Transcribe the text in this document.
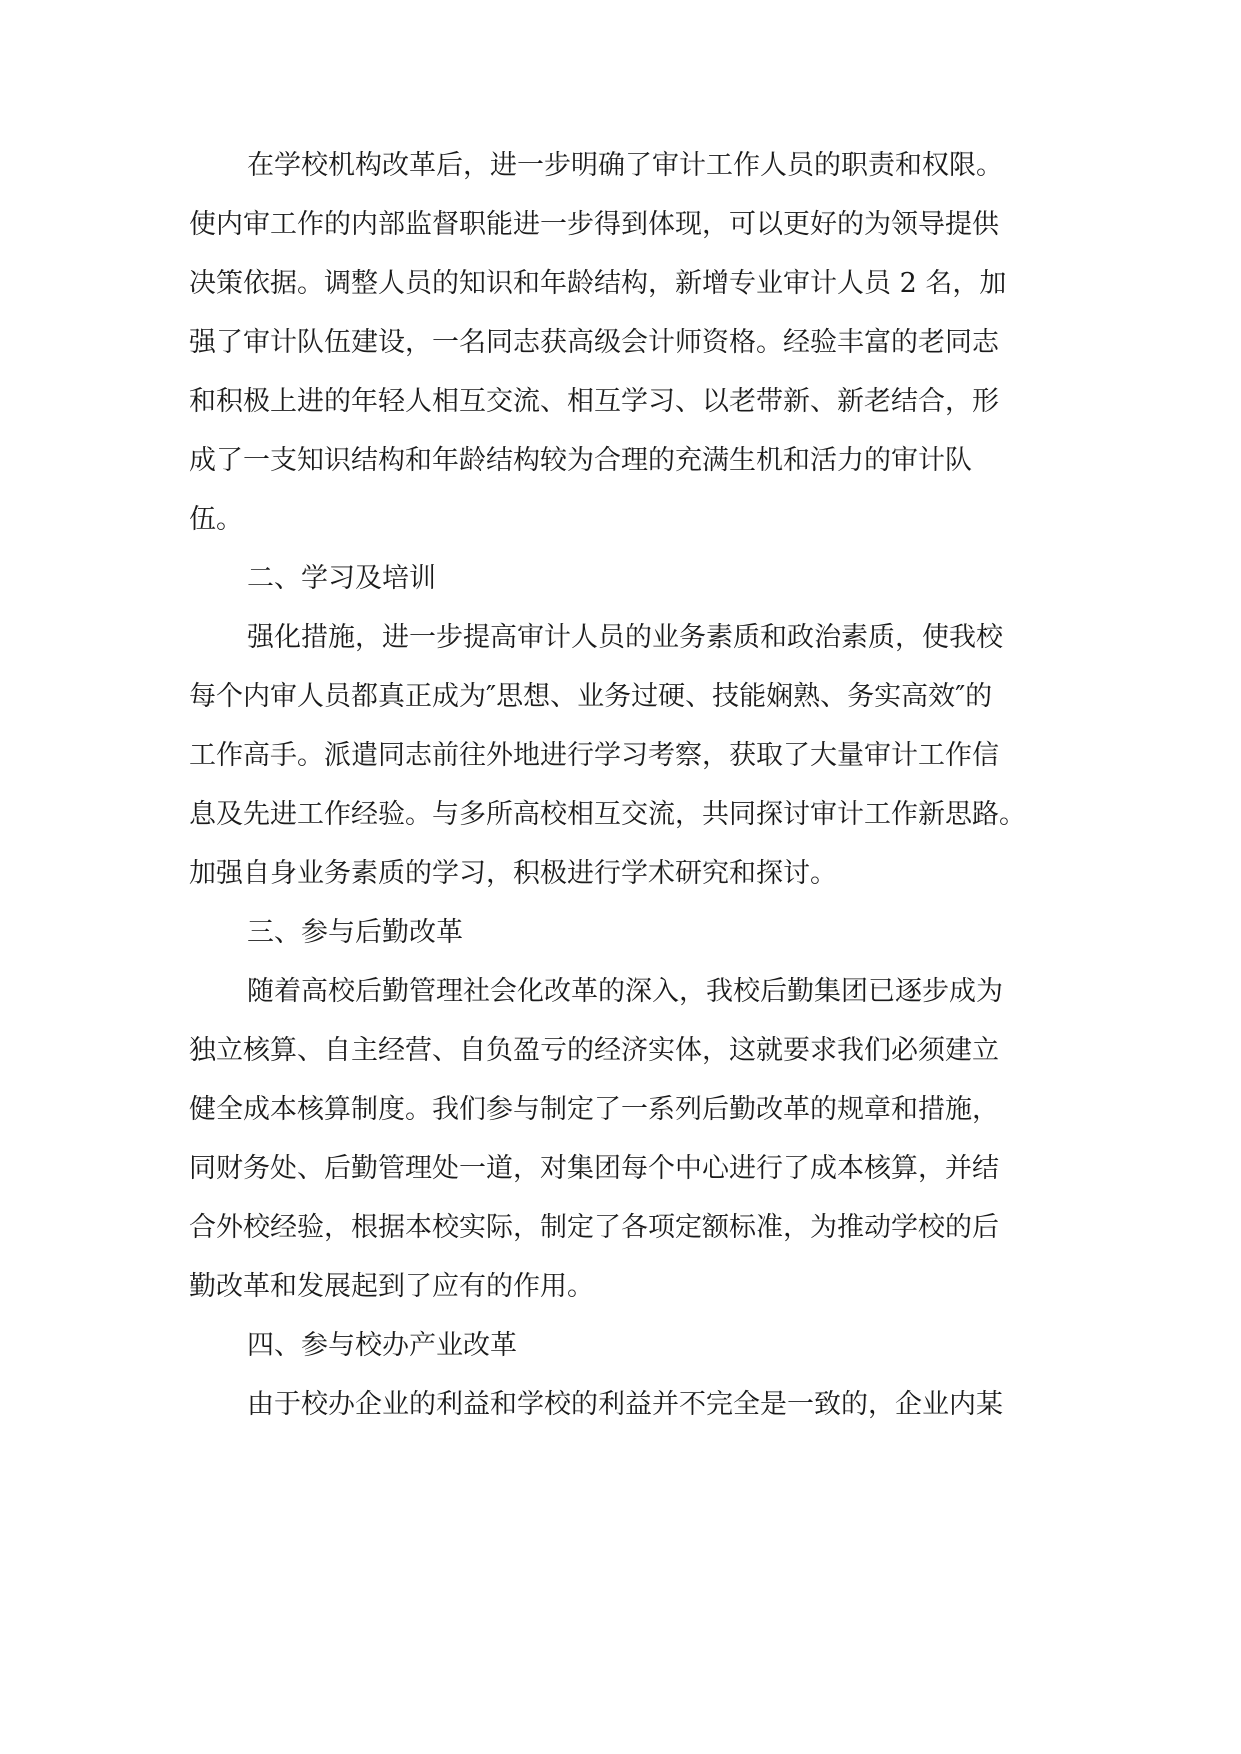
在学校机构改革后，进一步明确了审计工作人员的职责和权限。
使内审工作的内部监督职能进一步得到体现，可以更好的为领导提供
决策依据。调整人员的知识和年龄结构，新增专业审计人员 2 名，加
强了审计队伍建设，一名同志获高级会计师资格。经验丰富的老同志
和积极上进的年轻人相互交流、相互学习、以老带新、新老结合，形
成了一支知识结构和年龄结构较为合理的充满生机和活力的审计队
伍。
二、学习及培训
强化措施，进一步提高审计人员的业务素质和政治素质，使我校
每个内审人员都真正成为″思想、业务过硬、技能娴熟、务实高效″的
工作高手。派遣同志前往外地进行学习考察，获取了大量审计工作信
息及先进工作经验。与多所高校相互交流，共同探讨审计工作新思路。
加强自身业务素质的学习，积极进行学术研究和探讨。
三、参与后勤改革
随着高校后勤管理社会化改革的深入，我校后勤集团已逐步成为
独立核算、自主经营、自负盈亏的经济实体，这就要求我们必须建立
健全成本核算制度。我们参与制定了一系列后勤改革的规章和措施，
同财务处、后勤管理处一道，对集团每个中心进行了成本核算，并结
合外校经验，根据本校实际，制定了各项定额标准，为推动学校的后
勤改革和发展起到了应有的作用。
四、参与校办产业改革
由于校办企业的利益和学校的利益并不完全是一致的，企业内某
